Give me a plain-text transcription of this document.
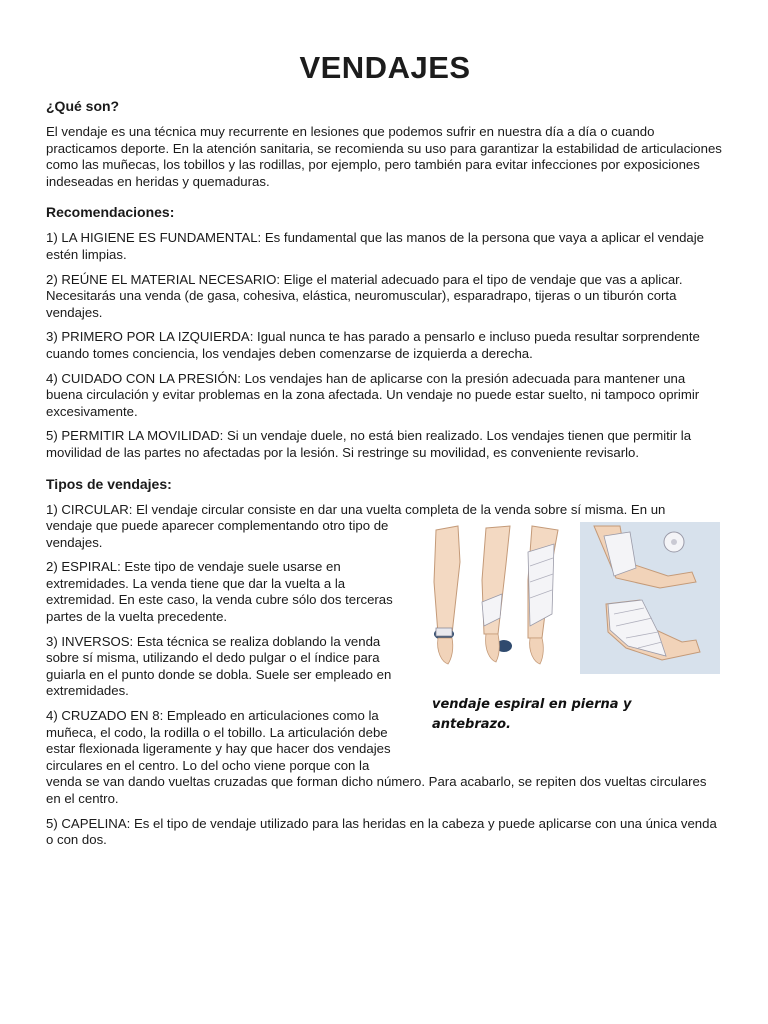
VENDAJES
¿Qué son?

El vendaje es una técnica muy recurrente en lesiones que podemos sufrir en nuestra día a día o cuando practicamos deporte. En la atención sanitaria, se recomienda su uso para garantizar la estabilidad de articulaciones como las muñecas, los tobillos y las rodillas, por ejemplo, pero también para evitar infecciones por exposiciones indeseadas en heridas y quemaduras.

Recomendaciones:

1) LA HIGIENE ES FUNDAMENTAL: Es fundamental que las manos de la persona que vaya a aplicar el vendaje estén limpias.

2) REÚNE EL MATERIAL NECESARIO: Elige el material adecuado para el tipo de vendaje que vas a aplicar. Necesitarás una venda (de gasa, cohesiva, elástica, neuromuscular), esparadrapo, tijeras o un tiburón corta vendajes.

3) PRIMERO POR LA IZQUIERDA: Igual nunca te has parado a pensarlo e incluso pueda resultar sorprendente cuando tomes conciencia, los vendajes deben comenzarse de izquierda a derecha.

4) CUIDADO CON LA PRESIÓN: Los vendajes han de aplicarse con la presión adecuada para mantener una buena circulación y evitar problemas en la zona afectada. Un vendaje no puede estar suelto, ni tampoco oprimir excesivamente.

5) PERMITIR LA MOVILIDAD: Si un vendaje duele, no está bien realizado. Los vendajes tienen que permitir la movilidad de las partes no afectadas por la lesión. Si restringe su movilidad, es conveniente revisarlo.

Tipos de vendajes:

1) CIRCULAR: El vendaje circular consiste en dar una vuelta completa de la venda sobre sí misma. En un

vendaje que puede aparecer complementando otro tipo de vendajes.

2) ESPIRAL: Este tipo de vendaje suele usarse en extremidades. La venda tiene que dar la vuelta a la extremidad. En este caso, la venda cubre sólo dos terceras partes de la vuelta precedente.

3) INVERSOS: Esta técnica se realiza doblando la venda sobre sí misma, utilizando el dedo pulgar o el índice para guiarla en el punto donde se dobla. Suele ser empleado en extremidades.

4) CRUZADO EN 8: Empleado en articulaciones como la muñeca, el codo, la rodilla o el tobillo. La articulación debe estar flexionada ligeramente y hay que hacer dos vendajes circulares en el centro. Lo del ocho viene porque con la

venda se van dando vueltas cruzadas que forman dicho número. Para acabarlo, se repiten dos vueltas circulares en el centro.

5) CAPELINA: Es el tipo de vendaje utilizado para las heridas en la cabeza y puede aplicarse con una única venda o con dos.

vendaje espiral en pierna y
antebrazo.
